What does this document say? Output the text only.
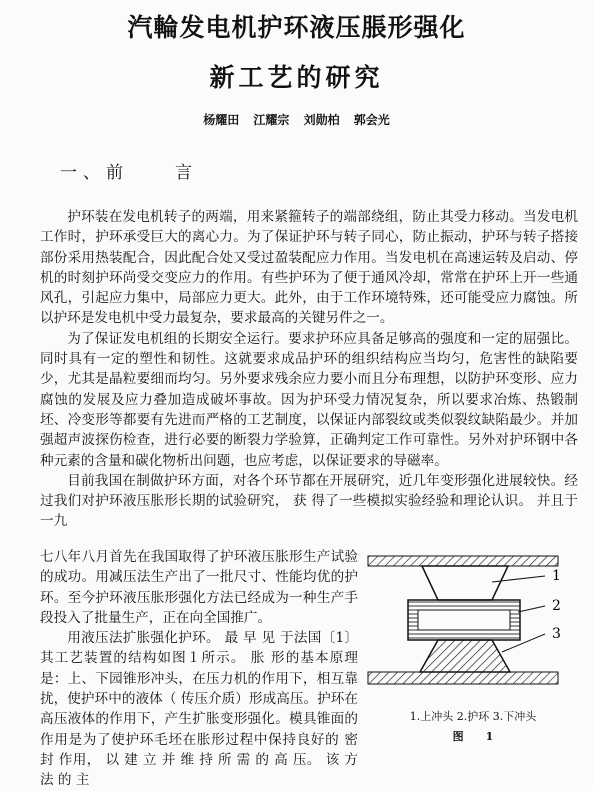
汽輪发电机护环液压脹形强化
新工艺的研究
杨耀田 江耀宗 刘勋柏 郭会光
一、前　　言

护环装在发电机转子的两端，用来紧箍转子的端部绕组，防止其受力移动。当发电机工作时，护环承受巨大的离心力。为了保证护环与转子同心，防止振动，护环与转子搭接部份采用热装配合，因此配合处又受过盈装配应力作用。当发电机在高速运转及启动、停机的时刻护环尚受交变应力的作用。有些护环为了便于通风冷却，常常在护环上开一些通风孔，引起应力集中，局部应力更大。此外，由于工作环境特殊，还可能受应力腐蚀。所以护环是发电机中受力最复杂，要求最高的关键另件之一。

为了保证发电机组的长期安全运行。要求护环应具备足够高的强度和一定的屈强比。同时具有一定的塑性和韧性。这就要求成品护环的组织结构应当均匀，危害性的缺陷要少，尤其是晶粒要细而均匀。另外要求残余应力要小而且分布理想，以防护环变形、应力腐蚀的发展及应力叠加造成破坏事故。因为护环受力情况复杂，所以要求冶炼、热锻制坯、冷变形等都要有先进而严格的工艺制度，以保证内部裂纹或类似裂纹缺陷最少。并加强超声波探伤检查，进行必要的断裂力学验算，正确判定工作可靠性。另外对护环钢中各种元素的含量和碳化物析出问题，也应考虑，以保证要求的导磁率。

目前我国在制做护环方面，对各个环节都在开展研究，近几年变形强化进展较快。经过我们对护环液压胀形长期的试验研究， 获 得了一些模拟实验经验和理论认识。 并且于一九

七八年八月首先在我国取得了护环液压胀形生产试验的成功。用减压法生产出了一批尺寸、性能均优的护环。至今护环液压胀形强化方法已经成为一种生产手段投入了批量生产，正在向全国推广。

用液压法扩胀强化护环。 最 早 见 于法国〔1〕 其工艺装置的结构如图１所示。 胀 形的基本原理 是：上、下园锥形冲头，在压力机的作用下，相互靠扰，使护环中的液体（ 传压介质）形成高压。护环在高压液体的作用下，产生扩胀变形强化。模具锥面的作用是为了使护环毛坯在胀形过程中保持良好的 密 封 作用， 以 建 立 并 维 持 所 需 的 高 压。 该 方 法 的 主

1
2
3
1.上冲头 2.护环 3.下冲头
图　　1
